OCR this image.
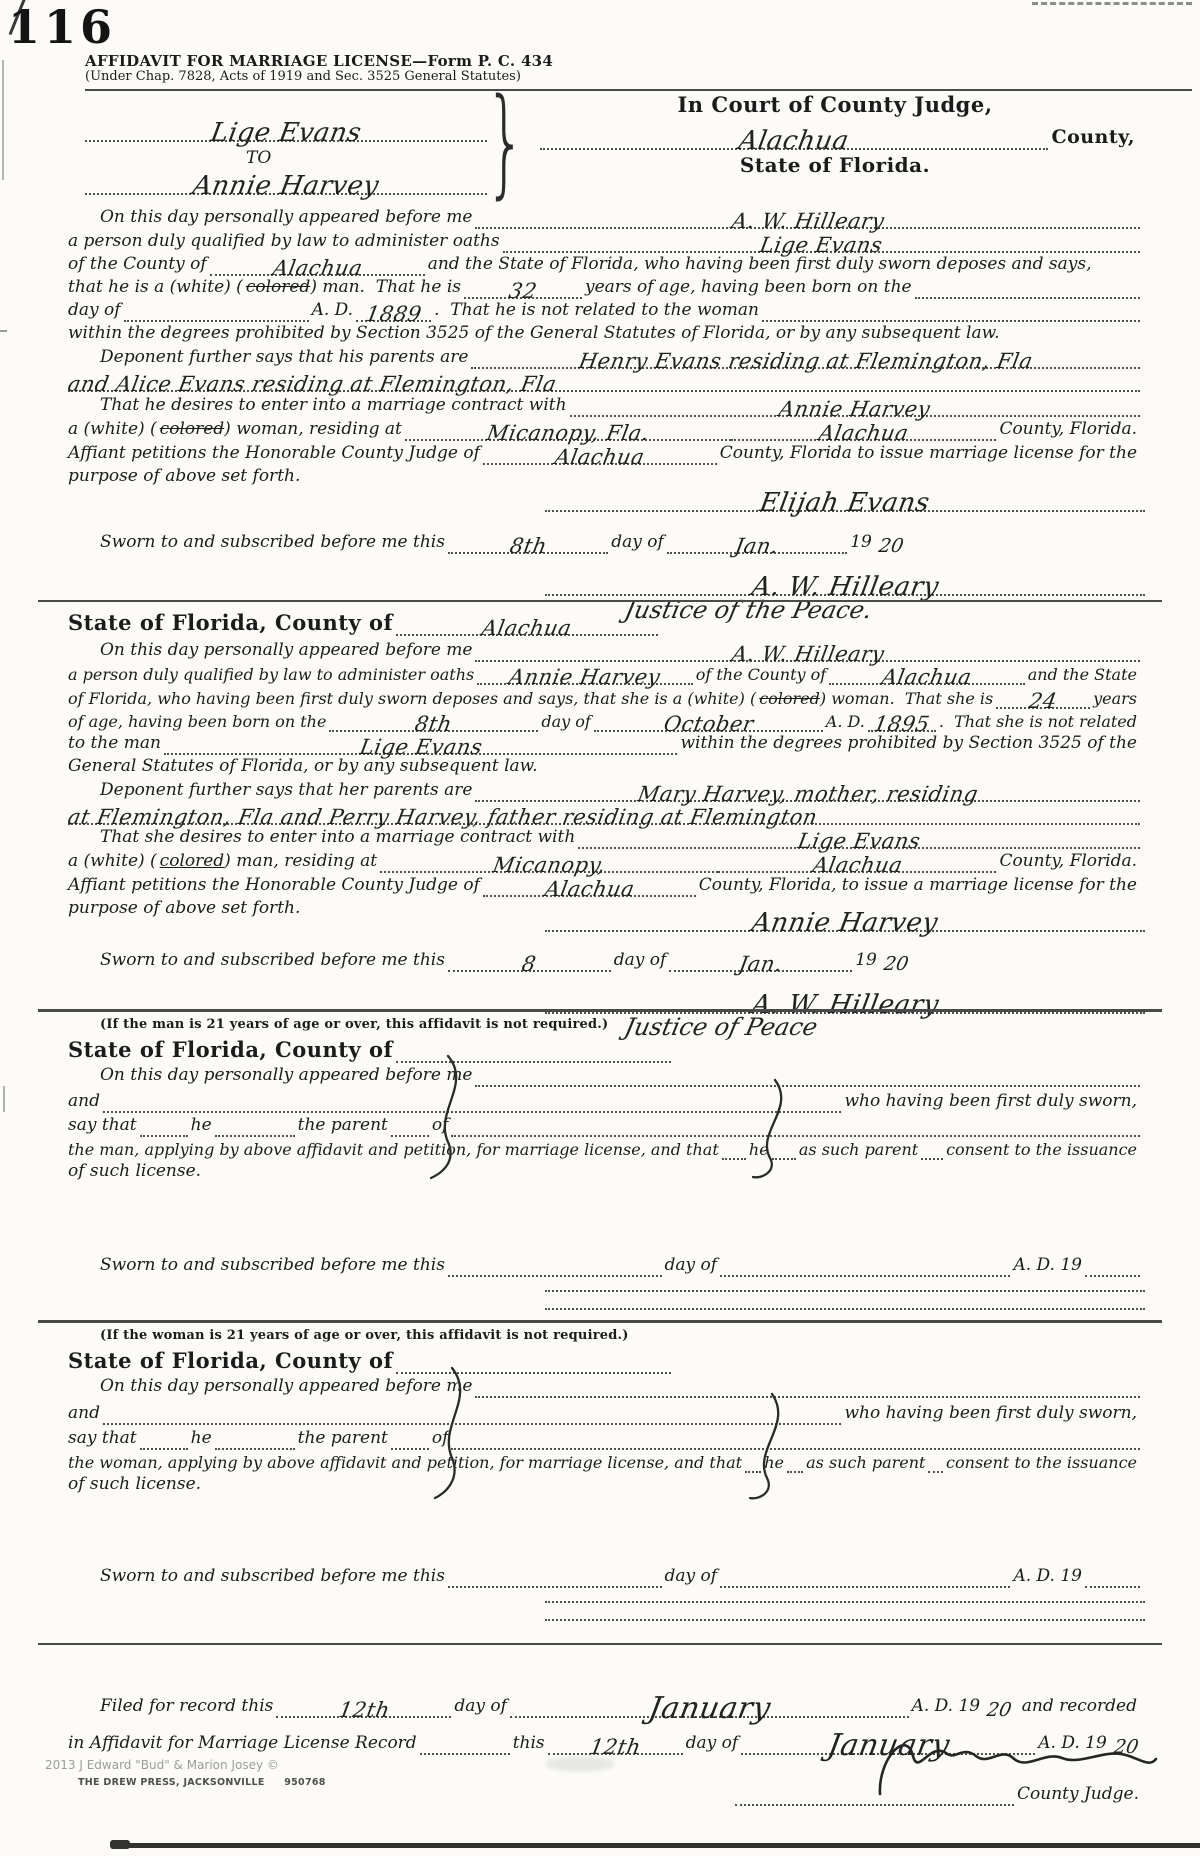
116
AFFIDAVIT FOR MARRIAGE LICENSE—Form P. C. 434
(Under Chap. 7828, Acts of 1919 and Sec. 3525 General Statutes)
Lige Evans
TO
Annie Harvey }	In Court of County Judge,
Alachua	County,
State of Florida.
On this day personally appeared before me	A. W. Hilleary
a person duly qualified by law to administer oaths	Lige Evans
of the County of	Alachua	and the State of Florida, who having been first duly sworn deposes and says,
that he is a (white) ( colored ) man.  That he is 32	years of age, having been born on the
day of	A. D. 1889 .  That he is not related to the woman
within the degrees prohibited by Section 3525 of the General Statutes of Florida, or by any subsequent law.
Deponent further says that his parents are	Henry Evans residing at Flemington, Fla
and Alice Evans residing at Flemington, Fla
That he desires to enter into a marriage contract with	Annie Harvey
a (white) ( colored ) woman, residing at	Micanopy, Fla.	Alachua	County, Florida.
Affiant petitions the Honorable County Judge of	Alachua	County, Florida to issue marriage license for the
purpose of above set forth.
Elijah Evans
Sworn to and subscribed before me this	8th	day of	Jan.	19 20
A. W. Hilleary
Justice of the Peace.
State of Florida, County of	Alachua
On this day personally appeared before me	A. W. Hilleary
a person duly qualified by law to administer oaths Annie Harvey of the County of	Alachua	and the State
of Florida, who having been first duly sworn deposes and says, that she is a (white) ( colored ) woman.  That she is 24 years
of age, having been born on the	8th	day of	October	A. D. 1895 .  That she is not related
to the man	Lige Evans	within the degrees prohibited by Section 3525 of the
General Statutes of Florida, or by any subsequent law.
Deponent further says that her parents are	Mary Harvey, mother, residing
at Flemington, Fla and Perry Harvey, father residing at Flemington
That she desires to enter into a marriage contract with	Lige Evans
a (white) ( colored ) man, residing at	Micanopy,	Alachua	County, Florida.
Affiant petitions the Honorable County Judge of	Alachua	County, Florida, to issue a marriage license for the
purpose of above set forth.	Annie Harvey
Sworn to and subscribed before me this	8	day of	Jan.	19 20
A. W. Hilleary
Justice of Peace
(If the man is 21 years of age or over, this affidavit is not required.)
State of Florida, County of
On this day personally appeared before me
and	who having been first duly sworn,
say that	he	the parent	of
the man, applying by above affidavit and petition, for marriage license, and that he as such parent consent to the issuance
of such license.
Sworn to and subscribed before me this	day of	A. D. 19
(If the woman is 21 years of age or over, this affidavit is not required.)
State of Florida, County of
On this day personally appeared before me
and	who having been first duly sworn,
say that	he	the parent	of
the woman, applying by above affidavit and petition, for marriage license, and that he as such parent consent to the issuance
of such license.
Sworn to and subscribed before me this	day of	A. D. 19
Filed for record this	12th	day of	January	A. D. 19 20 and recorded
in Affidavit for Marriage License Record	this 12th	day of	January	A. D. 19 20
County Judge.
2013 J Edward "Bud" & Marion Josey ©
THE DREW PRESS, JACKSONVILLE 950768
